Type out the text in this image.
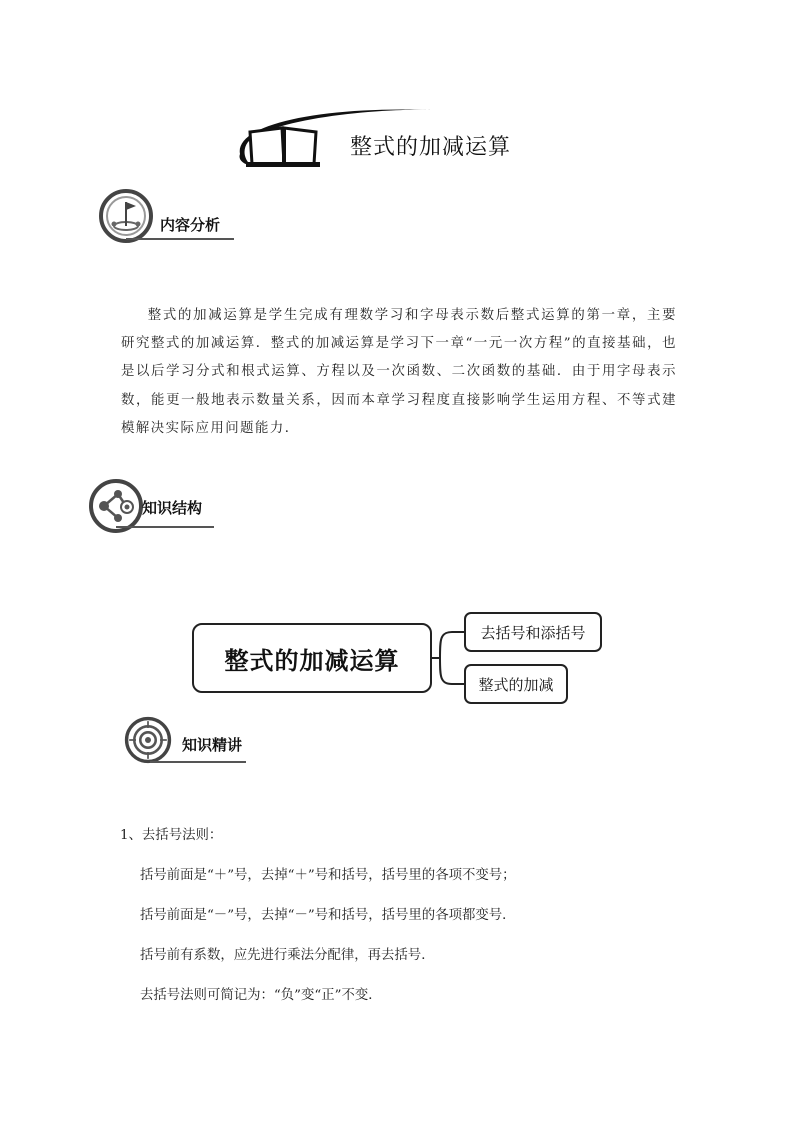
整式的加减运算
内容分析
整式的加减运算是学生完成有理数学习和字母表示数后整式运算的第一章，主要研究整式的加减运算．整式的加减运算是学习下一章“一元一次方程”的直接基础，也是以后学习分式和根式运算、方程以及一次函数、二次函数的基础．由于用字母表示数，能更一般地表示数量关系，因而本章学习程度直接影响学生运用方程、不等式建模解决实际应用问题能力．
知识结构
整式的加减运算
去括号和添括号
整式的加减
知识精讲
1、去括号法则：
括号前面是“＋”号，去掉“＋”号和括号，括号里的各项不变号；
括号前面是“－”号，去掉“－”号和括号，括号里的各项都变号．
括号前有系数，应先进行乘法分配律，再去括号．
去括号法则可简记为：“负”变“正”不变．
